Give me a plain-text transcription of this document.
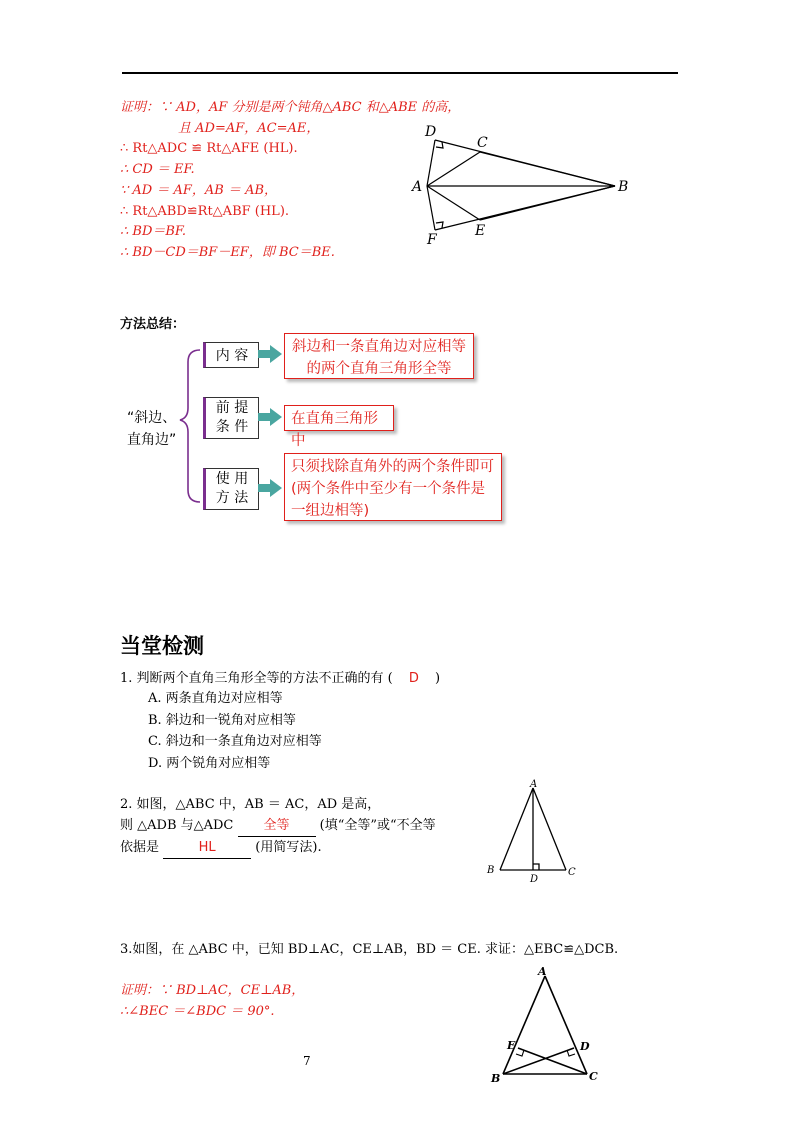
证明：∵ AD，AF 分别是两个钝角△ABC 和△ABE 的高，
且 AD=AF，AC=AE，
∴ Rt△ADC ≌ Rt△AFE (HL).
∴ CD ＝ EF.
∵ AD ＝ AF，AB ＝ AB，
∴ Rt△ABD≌Rt△ABF (HL).
∴ BD＝BF.
∴ BD－CD＝BF－EF，即 BC＝BE.
D
C
A	B
F
E
方法总结：
“斜边、
直角边”
内 容
斜边和一条直角边对应相等的两个直角三角形全等
前 提
条 件	在直角三角形中
使 用
方 法
只须找除直角外的两个条件即可 (两个条件中至少有一个条件是一组边相等)
当堂检测
1. 判断两个直角三角形全等的方法不正确的有 ( D )
A. 两条直角边对应相等
B. 斜边和一锐角对应相等
C. 斜边和一条直角边对应相等
D. 两个锐角对应相等
2. 如图，△ABC 中，AB ＝ AC，AD 是高，
则 △ADB 与△ADC 全等 (填“全等”或“不全等
依据是	HL	(用简写法).
A
B
D
C
3.如图，在 △ABC 中，已知 BD⊥AC，CE⊥AB，BD ＝ CE. 求证：△EBC≌△DCB.
证明：∵ BD⊥AC，CE⊥AB，
∴∠BEC ＝∠BDC ＝ 90°.
A
E	D
B	C
7
